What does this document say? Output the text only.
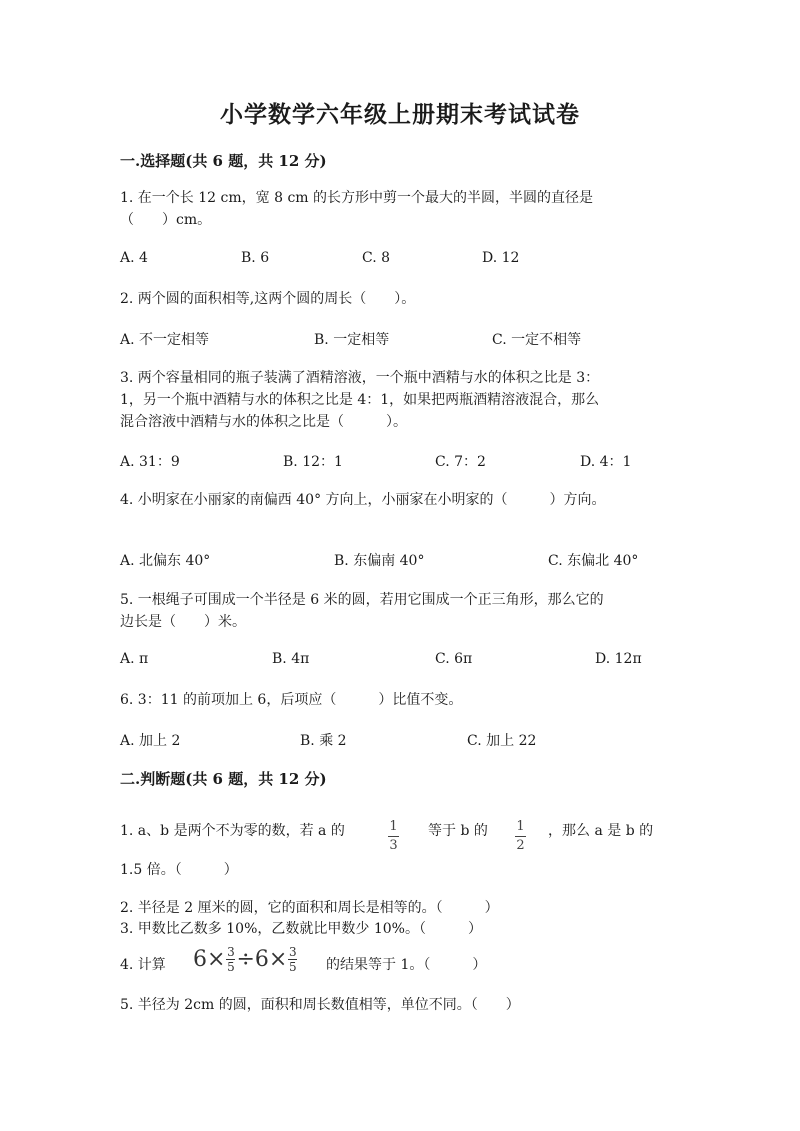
小学数学六年级上册期末考试试卷
一.选择题(共 6 题，共 12 分)
1. 在一个长 12 cm，宽 8 cm 的长方形中剪一个最大的半圆，半圆的直径是
（　　）cm。
A. 4	B. 6	C. 8	D. 12
2. 两个圆的面积相等,这两个圆的周长（　　）。
A. 不一定相等	B. 一定相等	C. 一定不相等
3. 两个容量相同的瓶子装满了酒精溶液，一个瓶中酒精与水的体积之比是 3：
1，另一个瓶中酒精与水的体积之比是 4：1，如果把两瓶酒精溶液混合，那么
混合溶液中酒精与水的体积之比是（　　　）。
A. 31：9	B. 12：1	C. 7：2	D. 4：1
4. 小明家在小丽家的南偏西 40° 方向上，小丽家在小明家的（　　　）方向。
A. 北偏东 40°	B. 东偏南 40°	C. 东偏北 40°
5. 一根绳子可围成一个半径是 6 米的圆，若用它围成一个正三角形，那么它的
边长是（　　）米。
A. π	B. 4π	C. 6π	D. 12π
6. 3：11 的前项加上 6，后项应（　　　）比值不变。
A. 加上 2	B. 乘 2	C. 加上 22
二.判断题(共 6 题，共 12 分)
1. a、b 是两个不为零的数，若 a 的	$\frac{1}{3}$ 等于 b 的 $\frac{1}{2}$ ，那么 a 是 b 的
1.5 倍。（　　　）
2. 半径是 2 厘米的圆，它的面积和周长是相等的。（　　　）
3. 甲数比乙数多 10%，乙数就比甲数少 10%。（　　　）
4. 计算 6 × 3
5 ÷ 6 × 3
5 的结果等于 1。（　　　）
5. 半径为 2cm 的圆，面积和周长数值相等，单位不同。（　　）
